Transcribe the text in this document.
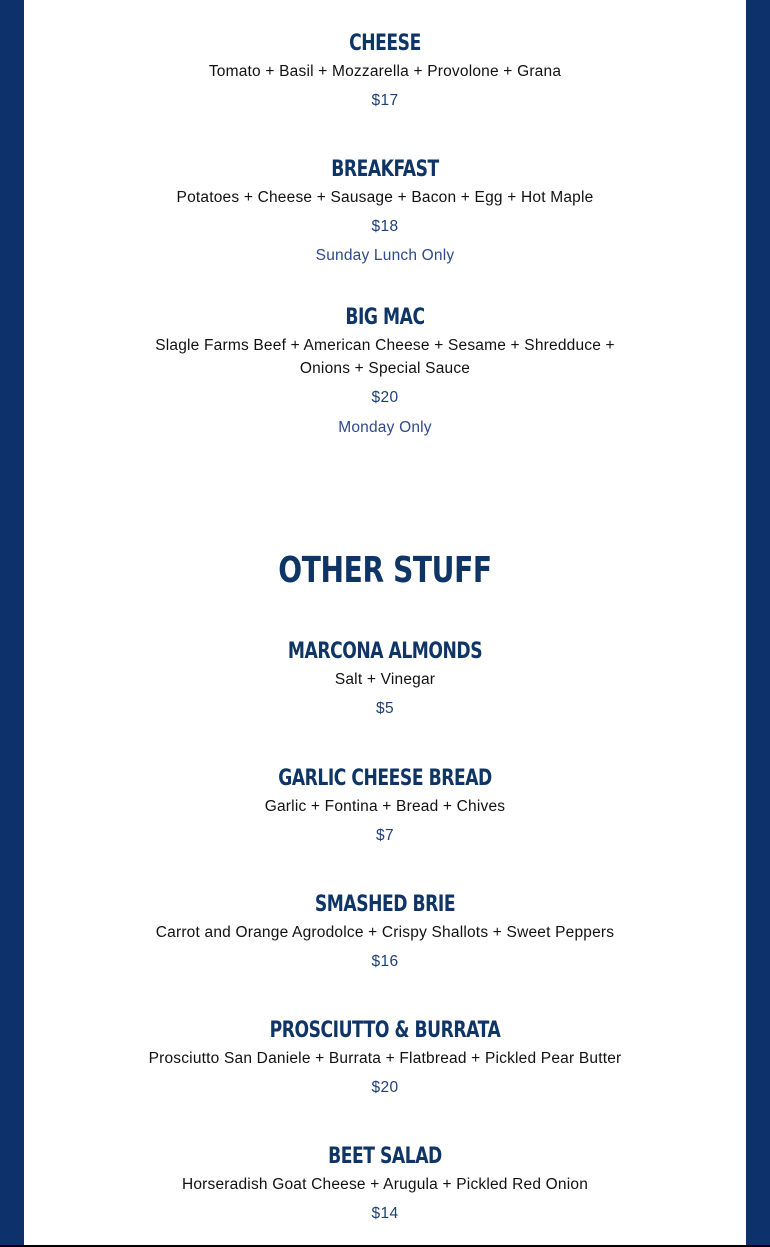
CHEESE
Tomato + Basil + Mozzarella + Provolone + Grana
$17
BREAKFAST
Potatoes + Cheese + Sausage + Bacon + Egg + Hot Maple
$18
Sunday Lunch Only
BIG MAC
Slagle Farms Beef + American Cheese + Sesame + Shredduce + Onions + Special Sauce
$20
Monday Only
OTHER STUFF
MARCONA ALMONDS
Salt + Vinegar
$5
GARLIC CHEESE BREAD
Garlic + Fontina + Bread + Chives
$7
SMASHED BRIE
Carrot and Orange Agrodolce + Crispy Shallots + Sweet Peppers
$16
PROSCIUTTO & BURRATA
Prosciutto San Daniele + Burrata + Flatbread + Pickled Pear Butter
$20
BEET SALAD
Horseradish Goat Cheese + Arugula + Pickled Red Onion
$14
